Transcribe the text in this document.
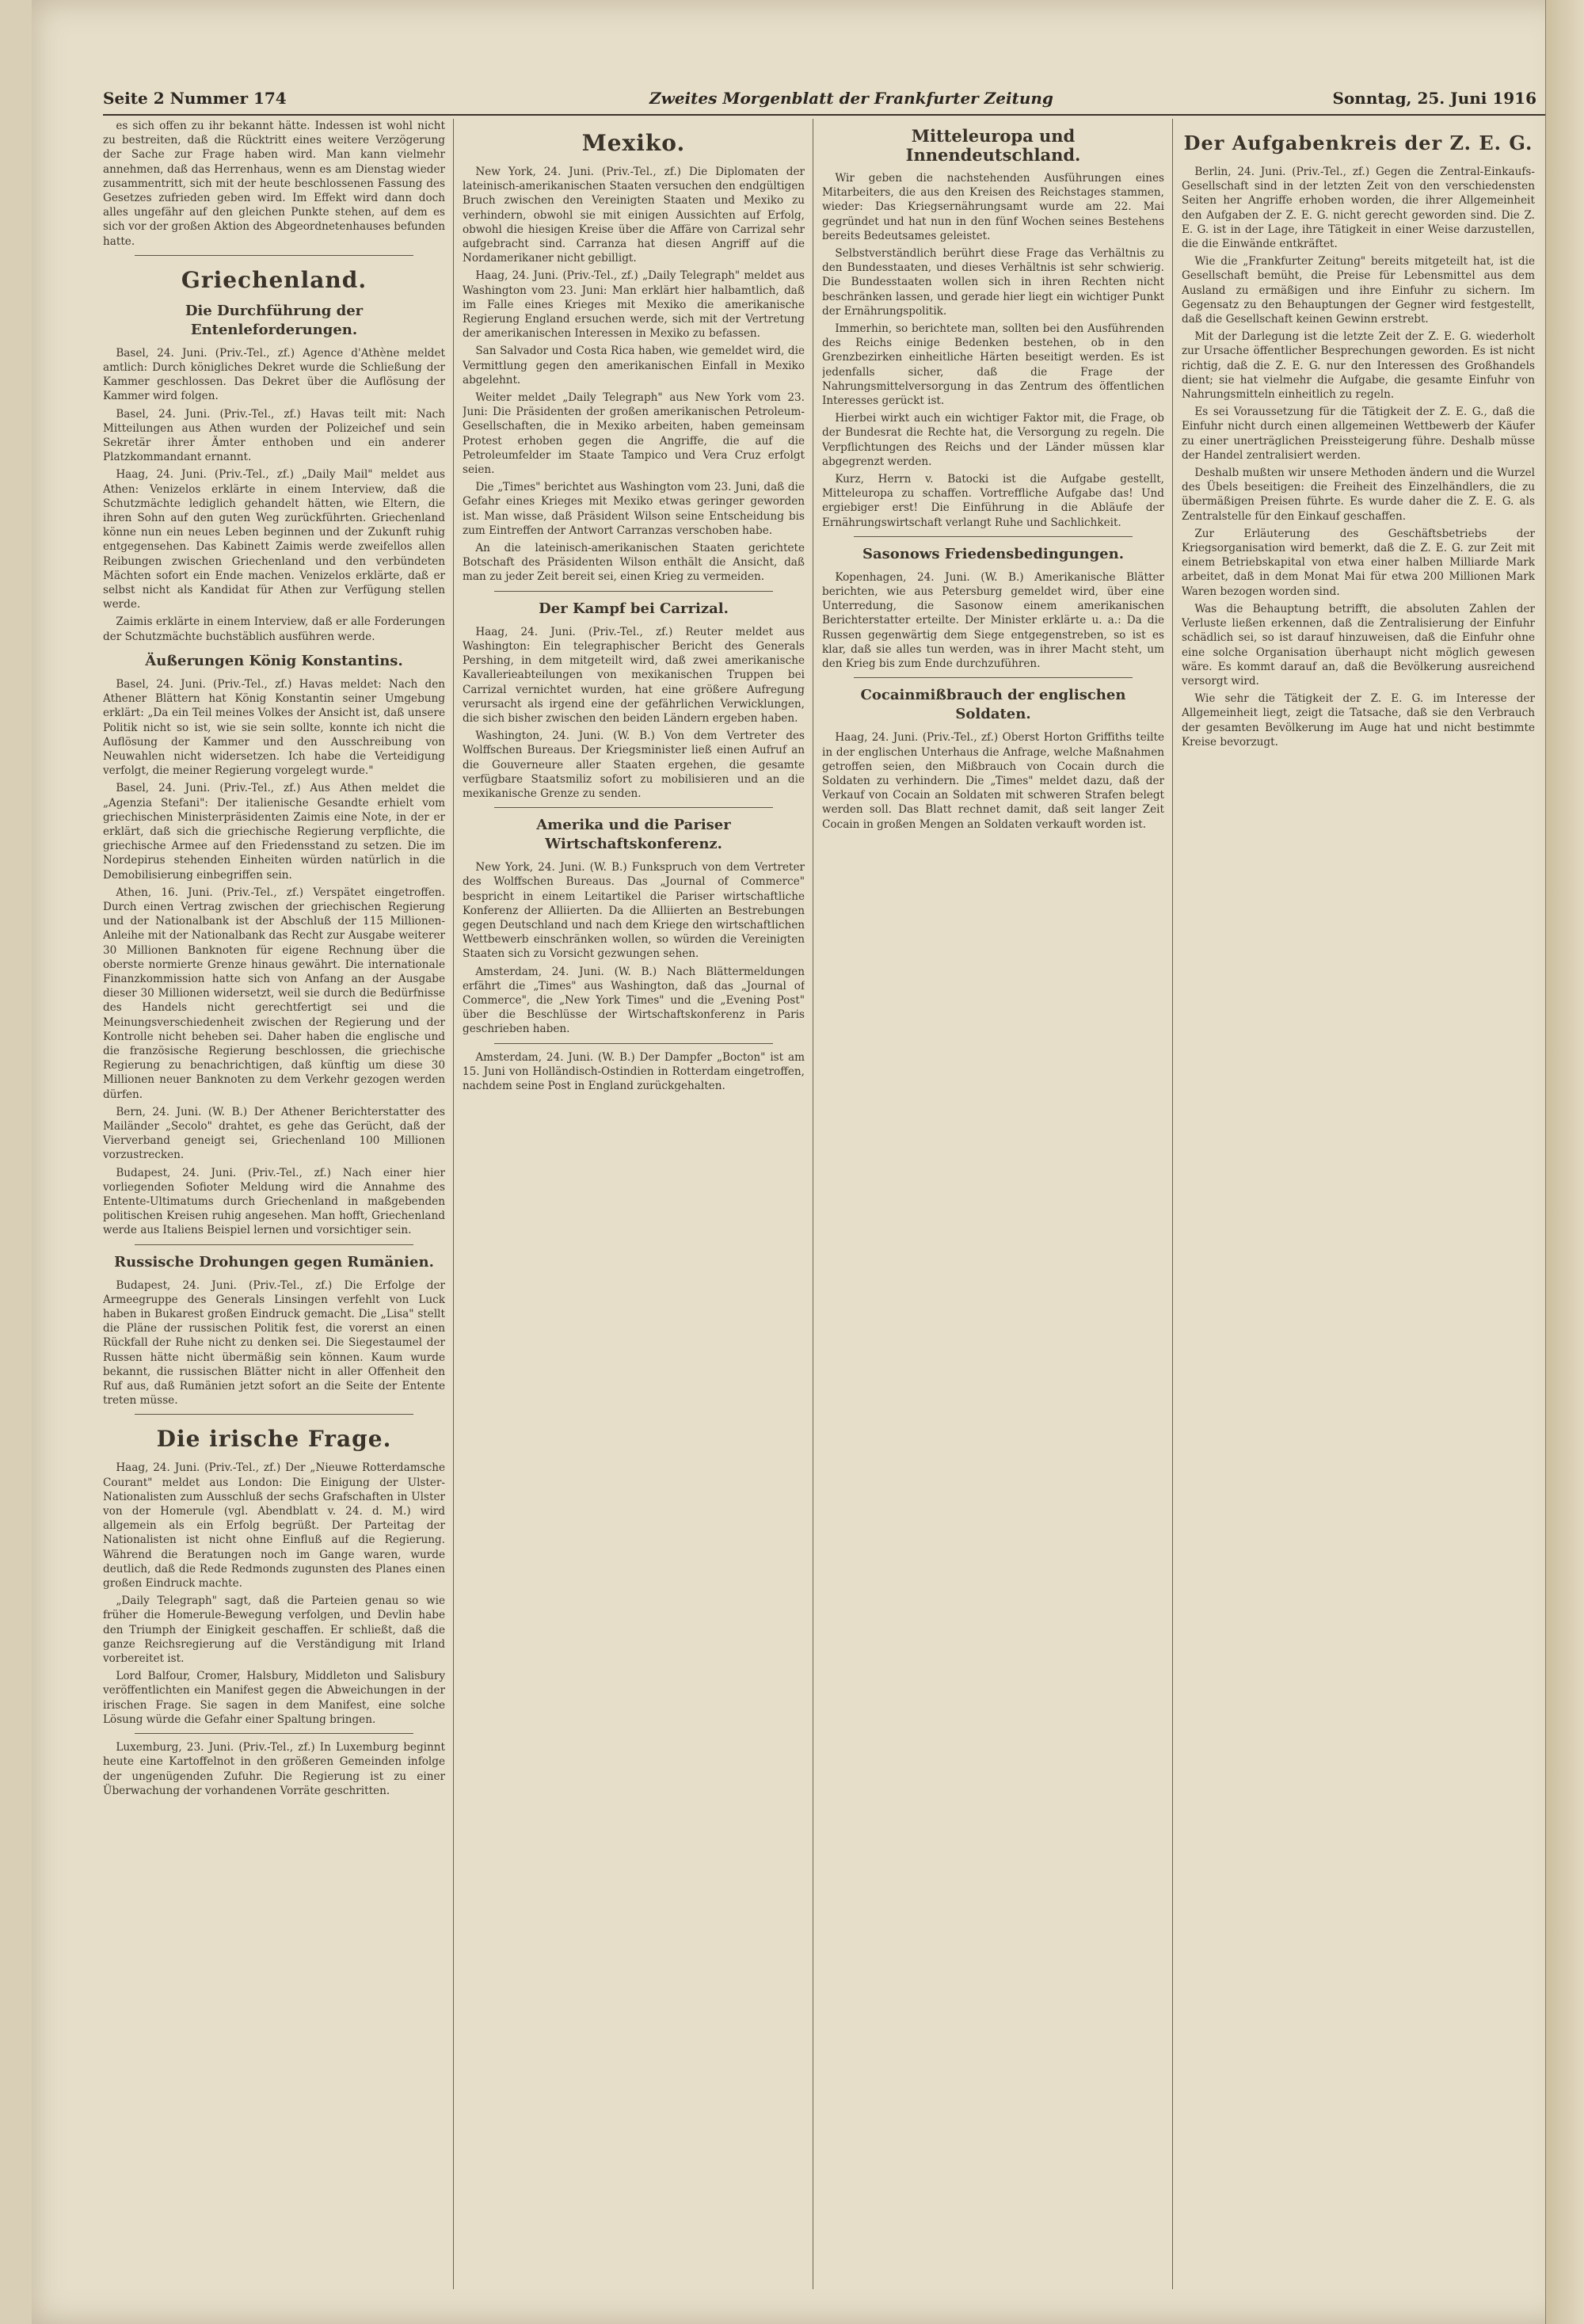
Seite 2 Nummer 174	Zweites Morgenblatt der Frankfurter Zeitung	Sonntag, 25. Juni 1916

es sich offen zu ihr bekannt hätte. Indessen ist wohl nicht zu bestreiten, daß die Rücktritt eines weitere Verzögerung der Sache zur Frage haben wird. Man kann vielmehr annehmen, daß das Herrenhaus, wenn es am Dienstag wieder zusammentritt, sich mit der heute beschlossenen Fassung des Gesetzes zufrieden geben wird. Im Effekt wird dann doch alles ungefähr auf den gleichen Punkte stehen, auf dem es sich vor der großen Aktion des Abgeordnetenhauses befunden hatte.

Griechenland.
Die Durchführung der Entenleforderungen.

Basel, 24. Juni. (Priv.-Tel., zf.) Agence d'Athène meldet amtlich: Durch königliches Dekret wurde die Schließung der Kammer geschlossen. Das Dekret über die Auflösung der Kammer wird folgen.

Basel, 24. Juni. (Priv.-Tel., zf.) Havas teilt mit: Nach Mitteilungen aus Athen wurden der Polizeichef und sein Sekretär ihrer Ämter enthoben und ein anderer Platzkommandant ernannt.

Haag, 24. Juni. (Priv.-Tel., zf.) „Daily Mail" meldet aus Athen: Venizelos erklärte in einem Interview, daß die Schutzmächte lediglich gehandelt hätten, wie Eltern, die ihren Sohn auf den guten Weg zurückführten. Griechenland könne nun ein neues Leben beginnen und der Zukunft ruhig entgegensehen. Das Kabinett Zaimis werde zweifellos allen Reibungen zwischen Griechenland und den verbündeten Mächten sofort ein Ende machen. Venizelos erklärte, daß er selbst nicht als Kandidat für Athen zur Verfügung stellen werde.

Zaimis erklärte in einem Interview, daß er alle Forderungen der Schutzmächte buchstäblich ausführen werde.

Äußerungen König Konstantins.

Basel, 24. Juni. (Priv.-Tel., zf.) Havas meldet: Nach den Athener Blättern hat König Konstantin seiner Umgebung erklärt: „Da ein Teil meines Volkes der Ansicht ist, daß unsere Politik nicht so ist, wie sie sein sollte, konnte ich nicht die Auflösung der Kammer und den Ausschreibung von Neuwahlen nicht widersetzen. Ich habe die Verteidigung verfolgt, die meiner Regierung vorgelegt wurde."

Basel, 24. Juni. (Priv.-Tel., zf.) Aus Athen meldet die „Agenzia Stefani": Der italienische Gesandte erhielt vom griechischen Ministerpräsidenten Zaimis eine Note, in der er erklärt, daß sich die griechische Regierung verpflichte, die griechische Armee auf den Friedensstand zu setzen. Die im Nordepirus stehenden Einheiten würden natürlich in die Demobilisierung einbegriffen sein.

Athen, 16. Juni. (Priv.-Tel., zf.) Verspätet eingetroffen. Durch einen Vertrag zwischen der griechischen Regierung und der Nationalbank ist der Abschluß der 115 Millionen-Anleihe mit der Nationalbank das Recht zur Ausgabe weiterer 30 Millionen Banknoten für eigene Rechnung über die oberste normierte Grenze hinaus gewährt. Die internationale Finanzkommission hatte sich von Anfang an der Ausgabe dieser 30 Millionen widersetzt, weil sie durch die Bedürfnisse des Handels nicht gerechtfertigt sei und die Meinungsverschiedenheit zwischen der Regierung und der Kontrolle nicht beheben sei. Daher haben die englische und die französische Regierung beschlossen, die griechische Regierung zu benachrichtigen, daß künftig um diese 30 Millionen neuer Banknoten zu dem Verkehr gezogen werden dürfen.

Bern, 24. Juni. (W. B.) Der Athener Berichterstatter des Mailänder „Secolo" drahtet, es gehe das Gerücht, daß der Vierverband geneigt sei, Griechenland 100 Millionen vorzustrecken.

Budapest, 24. Juni. (Priv.-Tel., zf.) Nach einer hier vorliegenden Sofioter Meldung wird die Annahme des Entente-Ultimatums durch Griechenland in maßgebenden politischen Kreisen ruhig angesehen. Man hofft, Griechenland werde aus Italiens Beispiel lernen und vorsichtiger sein.

Russische Drohungen gegen Rumänien.

Budapest, 24. Juni. (Priv.-Tel., zf.) Die Erfolge der Armeegruppe des Generals Linsingen verfehlt von Luck haben in Bukarest großen Eindruck gemacht. Die „Lisa" stellt die Pläne der russischen Politik fest, die vorerst an einen Rückfall der Ruhe nicht zu denken sei. Die Siegestaumel der Russen hätte nicht übermäßig sein können. Kaum wurde bekannt, die russischen Blätter nicht in aller Offenheit den Ruf aus, daß Rumänien jetzt sofort an die Seite der Entente treten müsse.

Die irische Frage.

Haag, 24. Juni. (Priv.-Tel., zf.) Der „Nieuwe Rotterdamsche Courant" meldet aus London: Die Einigung der Ulster-Nationalisten zum Ausschluß der sechs Grafschaften in Ulster von der Homerule (vgl. Abendblatt v. 24. d. M.) wird allgemein als ein Erfolg begrüßt. Der Parteitag der Nationalisten ist nicht ohne Einfluß auf die Regierung. Während die Beratungen noch im Gange waren, wurde deutlich, daß die Rede Redmonds zugunsten des Planes einen großen Eindruck machte.

„Daily Telegraph" sagt, daß die Parteien genau so wie früher die Homerule-Bewegung verfolgen, und Devlin habe den Triumph der Einigkeit geschaffen. Er schließt, daß die ganze Reichsregierung auf die Verständigung mit Irland vorbereitet ist.

Lord Balfour, Cromer, Halsbury, Middleton und Salisbury veröffentlichten ein Manifest gegen die Abweichungen in der irischen Frage. Sie sagen in dem Manifest, eine solche Lösung würde die Gefahr einer Spaltung bringen.

Luxemburg, 23. Juni. (Priv.-Tel., zf.) In Luxemburg beginnt heute eine Kartoffelnot in den größeren Gemeinden infolge der ungenügenden Zufuhr. Die Regierung ist zu einer Überwachung der vorhandenen Vorräte geschritten.

Mexiko.

New York, 24. Juni. (Priv.-Tel., zf.) Die Diplomaten der lateinisch-amerikanischen Staaten versuchen den endgültigen Bruch zwischen den Vereinigten Staaten und Mexiko zu verhindern, obwohl sie mit einigen Aussichten auf Erfolg, obwohl die hiesigen Kreise über die Affäre von Carrizal sehr aufgebracht sind. Carranza hat diesen Angriff auf die Nordamerikaner nicht gebilligt.

Haag, 24. Juni. (Priv.-Tel., zf.) „Daily Telegraph" meldet aus Washington vom 23. Juni: Man erklärt hier halbamtlich, daß im Falle eines Krieges mit Mexiko die amerikanische Regierung England ersuchen werde, sich mit der Vertretung der amerikanischen Interessen in Mexiko zu befassen.

San Salvador und Costa Rica haben, wie gemeldet wird, die Vermittlung gegen den amerikanischen Einfall in Mexiko abgelehnt.

Weiter meldet „Daily Telegraph" aus New York vom 23. Juni: Die Präsidenten der großen amerikanischen Petroleum-Gesellschaften, die in Mexiko arbeiten, haben gemeinsam Protest erhoben gegen die Angriffe, die auf die Petroleumfelder im Staate Tampico und Vera Cruz erfolgt seien.

Die „Times" berichtet aus Washington vom 23. Juni, daß die Gefahr eines Krieges mit Mexiko etwas geringer geworden ist. Man wisse, daß Präsident Wilson seine Entscheidung bis zum Eintreffen der Antwort Carranzas verschoben habe.

An die lateinisch-amerikanischen Staaten gerichtete Botschaft des Präsidenten Wilson enthält die Ansicht, daß man zu jeder Zeit bereit sei, einen Krieg zu vermeiden.

Der Kampf bei Carrizal.

Haag, 24. Juni. (Priv.-Tel., zf.) Reuter meldet aus Washington: Ein telegraphischer Bericht des Generals Pershing, in dem mitgeteilt wird, daß zwei amerikanische Kavallerieabteilungen von mexikanischen Truppen bei Carrizal vernichtet wurden, hat eine größere Aufregung verursacht als irgend eine der gefährlichen Verwicklungen, die sich bisher zwischen den beiden Ländern ergeben haben.

Washington, 24. Juni. (W. B.) Von dem Vertreter des Wolffschen Bureaus. Der Kriegsminister ließ einen Aufruf an die Gouverneure aller Staaten ergehen, die gesamte verfügbare Staatsmiliz sofort zu mobilisieren und an die mexikanische Grenze zu senden.

Amerika und die Pariser Wirtschaftskonferenz.

New York, 24. Juni. (W. B.) Funkspruch von dem Vertreter des Wolffschen Bureaus. Das „Journal of Commerce" bespricht in einem Leitartikel die Pariser wirtschaftliche Konferenz der Alliierten. Da die Alliierten an Bestrebungen gegen Deutschland und nach dem Kriege den wirtschaftlichen Wettbewerb einschränken wollen, so würden die Vereinigten Staaten sich zu Vorsicht gezwungen sehen.

Amsterdam, 24. Juni. (W. B.) Nach Blättermeldungen erfährt die „Times" aus Washington, daß das „Journal of Commerce", die „New York Times" und die „Evening Post" über die Beschlüsse der Wirtschaftskonferenz in Paris geschrieben haben.

Amsterdam, 24. Juni. (W. B.) Der Dampfer „Bocton" ist am 15. Juni von Holländisch-Ostindien in Rotterdam eingetroffen, nachdem seine Post in England zurückgehalten.

Mitteleuropa und Innendeutschland.

Wir geben die nachstehenden Ausführungen eines Mitarbeiters, die aus den Kreisen des Reichstages stammen, wieder: Das Kriegsernährungsamt wurde am 22. Mai gegründet und hat nun in den fünf Wochen seines Bestehens bereits Bedeutsames geleistet.

Selbstverständlich berührt diese Frage das Verhältnis zu den Bundesstaaten, und dieses Verhältnis ist sehr schwierig. Die Bundesstaaten wollen sich in ihren Rechten nicht beschränken lassen, und gerade hier liegt ein wichtiger Punkt der Ernährungspolitik.

Immerhin, so berichtete man, sollten bei den Ausführenden des Reichs einige Bedenken bestehen, ob in den Grenzbezirken einheitliche Härten beseitigt werden. Es ist jedenfalls sicher, daß die Frage der Nahrungsmittelversorgung in das Zentrum des öffentlichen Interesses gerückt ist.

Hierbei wirkt auch ein wichtiger Faktor mit, die Frage, ob der Bundesrat die Rechte hat, die Versorgung zu regeln. Die Verpflichtungen des Reichs und der Länder müssen klar abgegrenzt werden.

Kurz, Herrn v. Batocki ist die Aufgabe gestellt, Mitteleuropa zu schaffen. Vortreffliche Aufgabe das! Und ergiebiger erst! Die Einführung in die Abläufe der Ernährungswirtschaft verlangt Ruhe und Sachlichkeit.

Sasonows Friedensbedingungen.

Kopenhagen, 24. Juni. (W. B.) Amerikanische Blätter berichten, wie aus Petersburg gemeldet wird, über eine Unterredung, die Sasonow einem amerikanischen Berichterstatter erteilte. Der Minister erklärte u. a.: Da die Russen gegenwärtig dem Siege entgegenstreben, so ist es klar, daß sie alles tun werden, was in ihrer Macht steht, um den Krieg bis zum Ende durchzuführen.

Cocainmißbrauch der englischen Soldaten.

Haag, 24. Juni. (Priv.-Tel., zf.) Oberst Horton Griffiths teilte in der englischen Unterhaus die Anfrage, welche Maßnahmen getroffen seien, den Mißbrauch von Cocain durch die Soldaten zu verhindern. Die „Times" meldet dazu, daß der Verkauf von Cocain an Soldaten mit schweren Strafen belegt werden soll. Das Blatt rechnet damit, daß seit langer Zeit Cocain in großen Mengen an Soldaten verkauft worden ist.

Der Aufgabenkreis der Z. E. G.

Berlin, 24. Juni. (Priv.-Tel., zf.) Gegen die Zentral-Einkaufs-Gesellschaft sind in der letzten Zeit von den verschiedensten Seiten her Angriffe erhoben worden, die ihrer Allgemeinheit den Aufgaben der Z. E. G. nicht gerecht geworden sind. Die Z. E. G. ist in der Lage, ihre Tätigkeit in einer Weise darzustellen, die die Einwände entkräftet.

Wie die „Frankfurter Zeitung" bereits mitgeteilt hat, ist die Gesellschaft bemüht, die Preise für Lebensmittel aus dem Ausland zu ermäßigen und ihre Einfuhr zu sichern. Im Gegensatz zu den Behauptungen der Gegner wird festgestellt, daß die Gesellschaft keinen Gewinn erstrebt.

Mit der Darlegung ist die letzte Zeit der Z. E. G. wiederholt zur Ursache öffentlicher Besprechungen geworden. Es ist nicht richtig, daß die Z. E. G. nur den Interessen des Großhandels dient; sie hat vielmehr die Aufgabe, die gesamte Einfuhr von Nahrungsmitteln einheitlich zu regeln.

Es sei Voraussetzung für die Tätigkeit der Z. E. G., daß die Einfuhr nicht durch einen allgemeinen Wettbewerb der Käufer zu einer unerträglichen Preissteigerung führe. Deshalb müsse der Handel zentralisiert werden.

Deshalb mußten wir unsere Methoden ändern und die Wurzel des Übels beseitigen: die Freiheit des Einzelhändlers, die zu übermäßigen Preisen führte. Es wurde daher die Z. E. G. als Zentralstelle für den Einkauf geschaffen.

Zur Erläuterung des Geschäftsbetriebs der Kriegsorganisation wird bemerkt, daß die Z. E. G. zur Zeit mit einem Betriebskapital von etwa einer halben Milliarde Mark arbeitet, daß in dem Monat Mai für etwa 200 Millionen Mark Waren bezogen worden sind.

Was die Behauptung betrifft, die absoluten Zahlen der Verluste ließen erkennen, daß die Zentralisierung der Einfuhr schädlich sei, so ist darauf hinzuweisen, daß die Einfuhr ohne eine solche Organisation überhaupt nicht möglich gewesen wäre. Es kommt darauf an, daß die Bevölkerung ausreichend versorgt wird.

Wie sehr die Tätigkeit der Z. E. G. im Interesse der Allgemeinheit liegt, zeigt die Tatsache, daß sie den Verbrauch der gesamten Bevölkerung im Auge hat und nicht bestimmte Kreise bevorzugt.
